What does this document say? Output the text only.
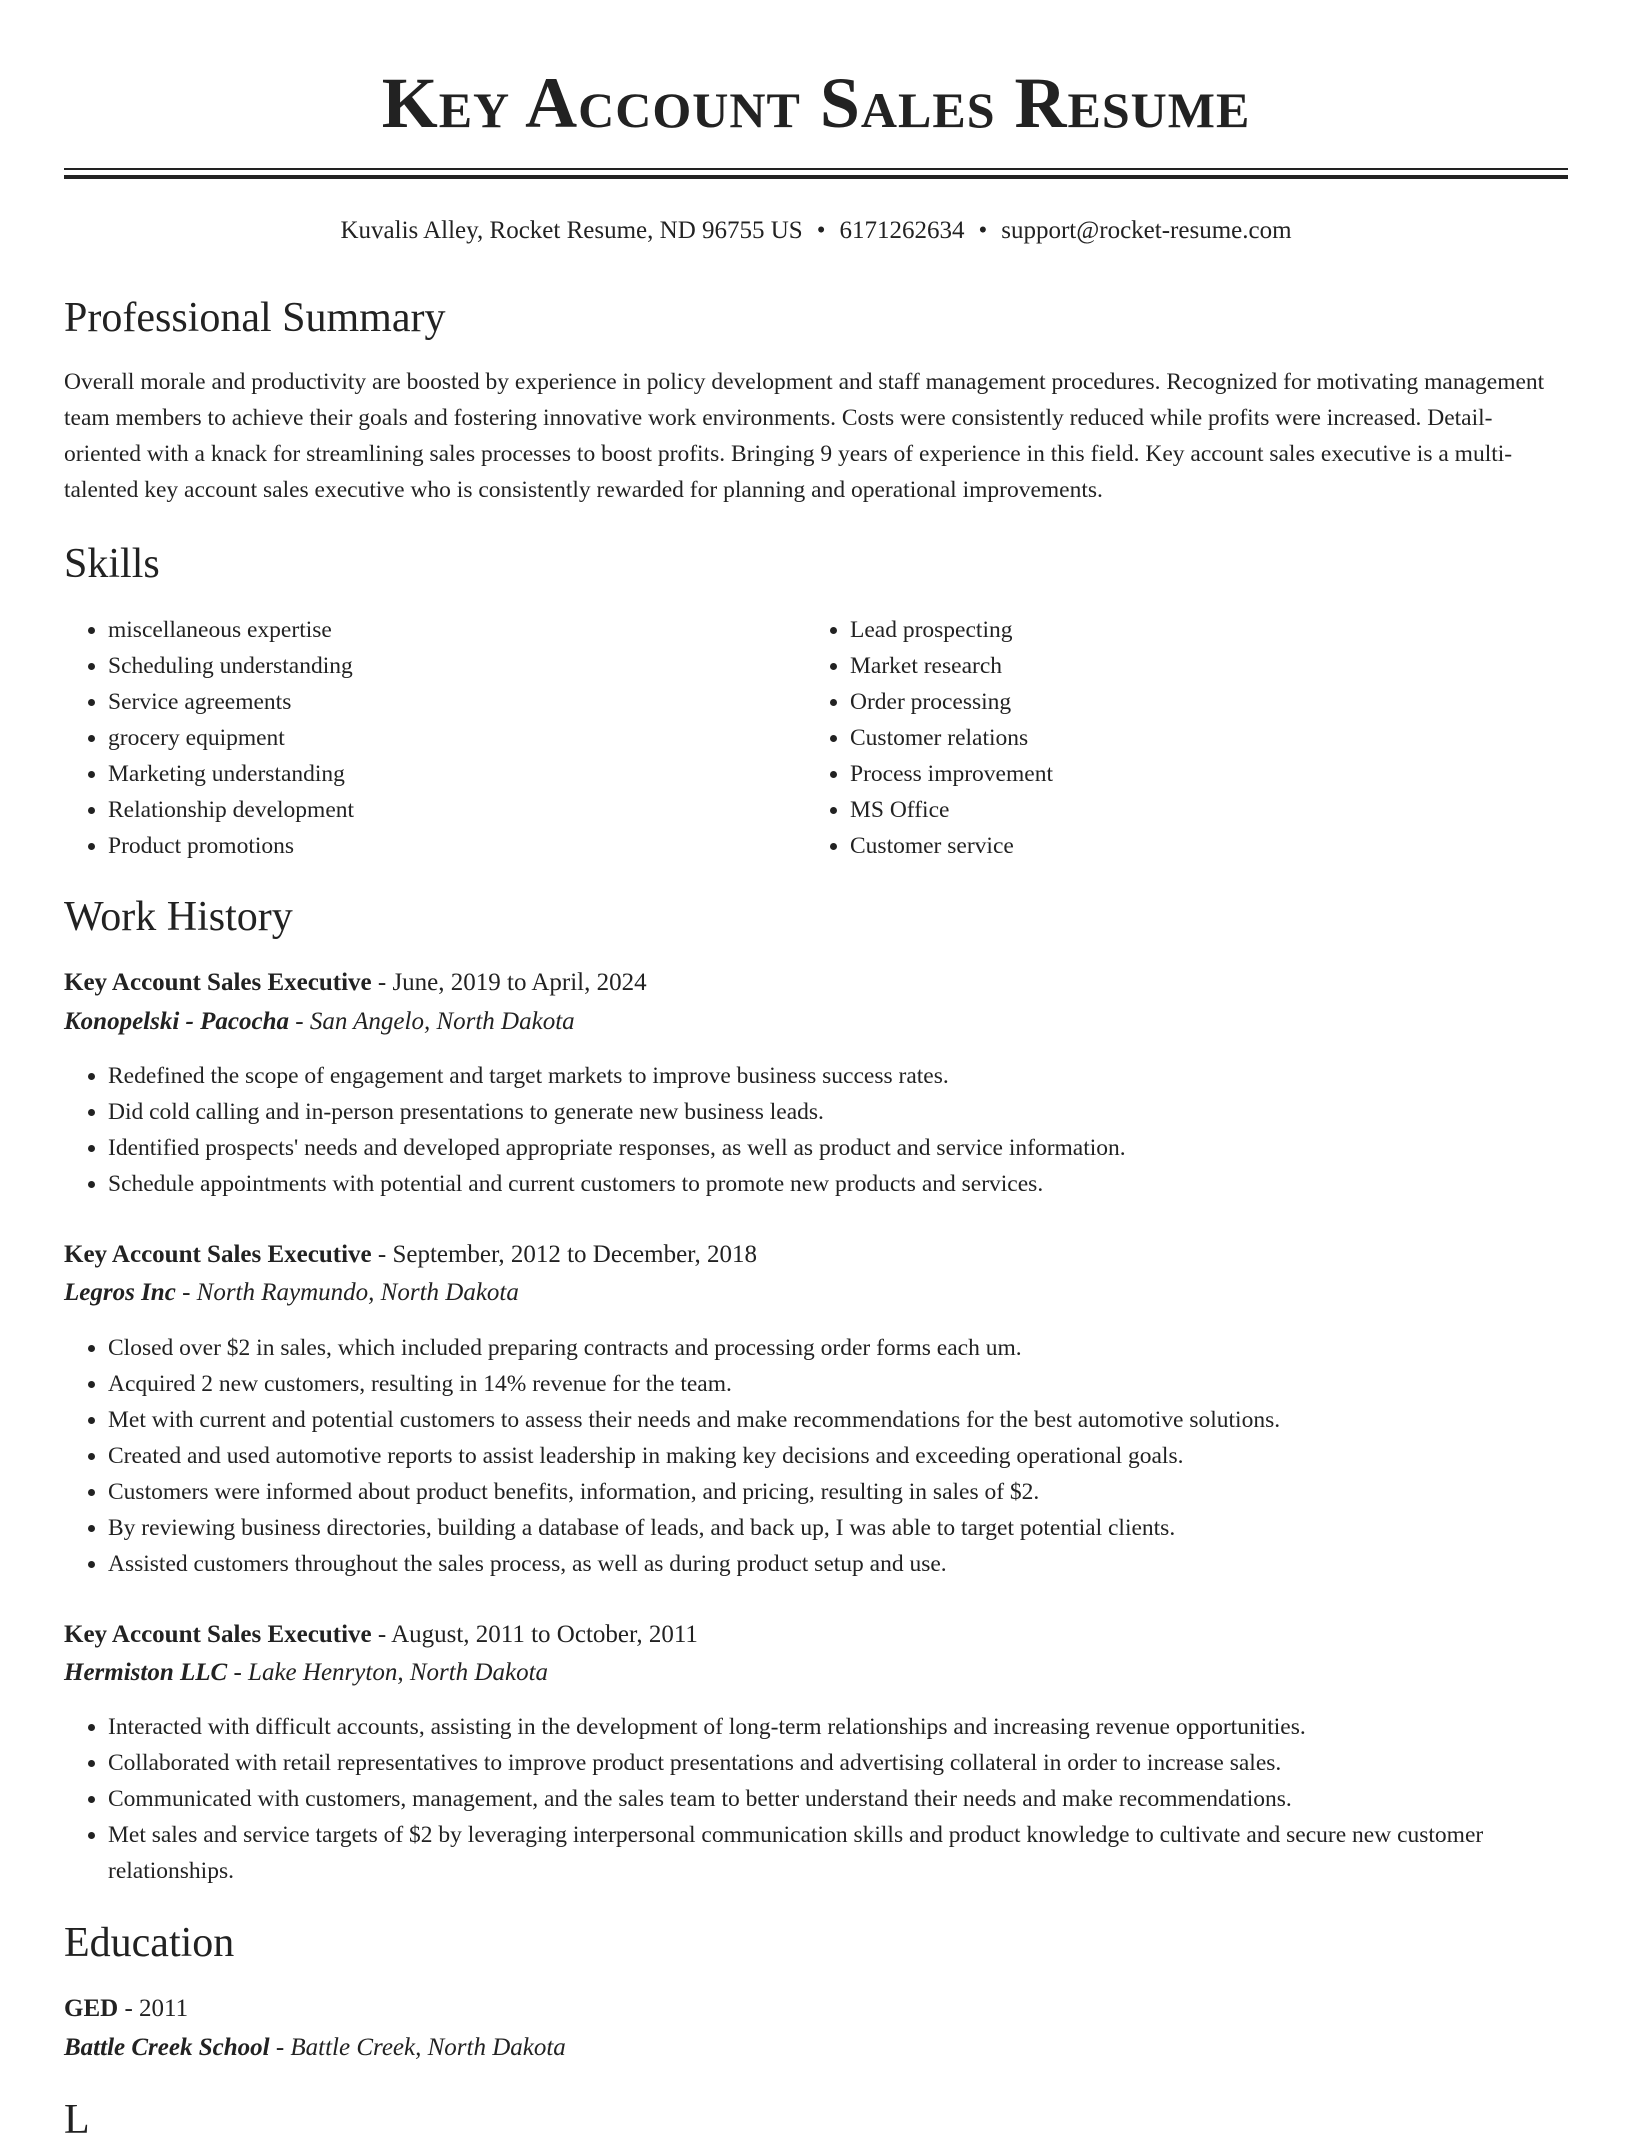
Key Account Sales Resume
Kuvalis Alley, Rocket Resume, ND 96755 US • 6171262634 • support@rocket-resume.com
Professional Summary

Overall morale and productivity are boosted by experience in policy development and staff management procedures. Recognized for motivating management team members to achieve their goals and fostering innovative work environments. Costs were consistently reduced while profits were increased. Detail-oriented with a knack for streamlining sales processes to boost profits. Bringing 9 years of experience in this field. Key account sales executive is a multi-talented key account sales executive who is consistently rewarded for planning and operational improvements.

Skills
• miscellaneous expertise
• Scheduling understanding
• Service agreements
• grocery equipment
• Marketing understanding
• Relationship development
• Product promotions
• Lead prospecting
• Market research
• Order processing
• Customer relations
• Process improvement
• MS Office
• Customer service
Work History
Key Account Sales Executive - June, 2019 to April, 2024
Konopelski - Pacocha - San Angelo, North Dakota
• Redefined the scope of engagement and target markets to improve business success rates.
• Did cold calling and in-person presentations to generate new business leads.
• Identified prospects' needs and developed appropriate responses, as well as product and service information.
• Schedule appointments with potential and current customers to promote new products and services.
Key Account Sales Executive - September, 2012 to December, 2018
Legros Inc - North Raymundo, North Dakota
• Closed over $2 in sales, which included preparing contracts and processing order forms each um.
• Acquired 2 new customers, resulting in 14% revenue for the team.
• Met with current and potential customers to assess their needs and make recommendations for the best automotive solutions.
• Created and used automotive reports to assist leadership in making key decisions and exceeding operational goals.
• Customers were informed about product benefits, information, and pricing, resulting in sales of $2.
• By reviewing business directories, building a database of leads, and back up, I was able to target potential clients.
• Assisted customers throughout the sales process, as well as during product setup and use.
Key Account Sales Executive - August, 2011 to October, 2011
Hermiston LLC - Lake Henryton, North Dakota
• Interacted with difficult accounts, assisting in the development of long-term relationships and increasing revenue opportunities.
• Collaborated with retail representatives to improve product presentations and advertising collateral in order to increase sales.
• Communicated with customers, management, and the sales team to better understand their needs and make recommendations.
• Met sales and service targets of $2 by leveraging interpersonal communication skills and product knowledge to cultivate and secure new customer relationships.
Education
GED - 2011
Battle Creek School - Battle Creek, North Dakota
L
